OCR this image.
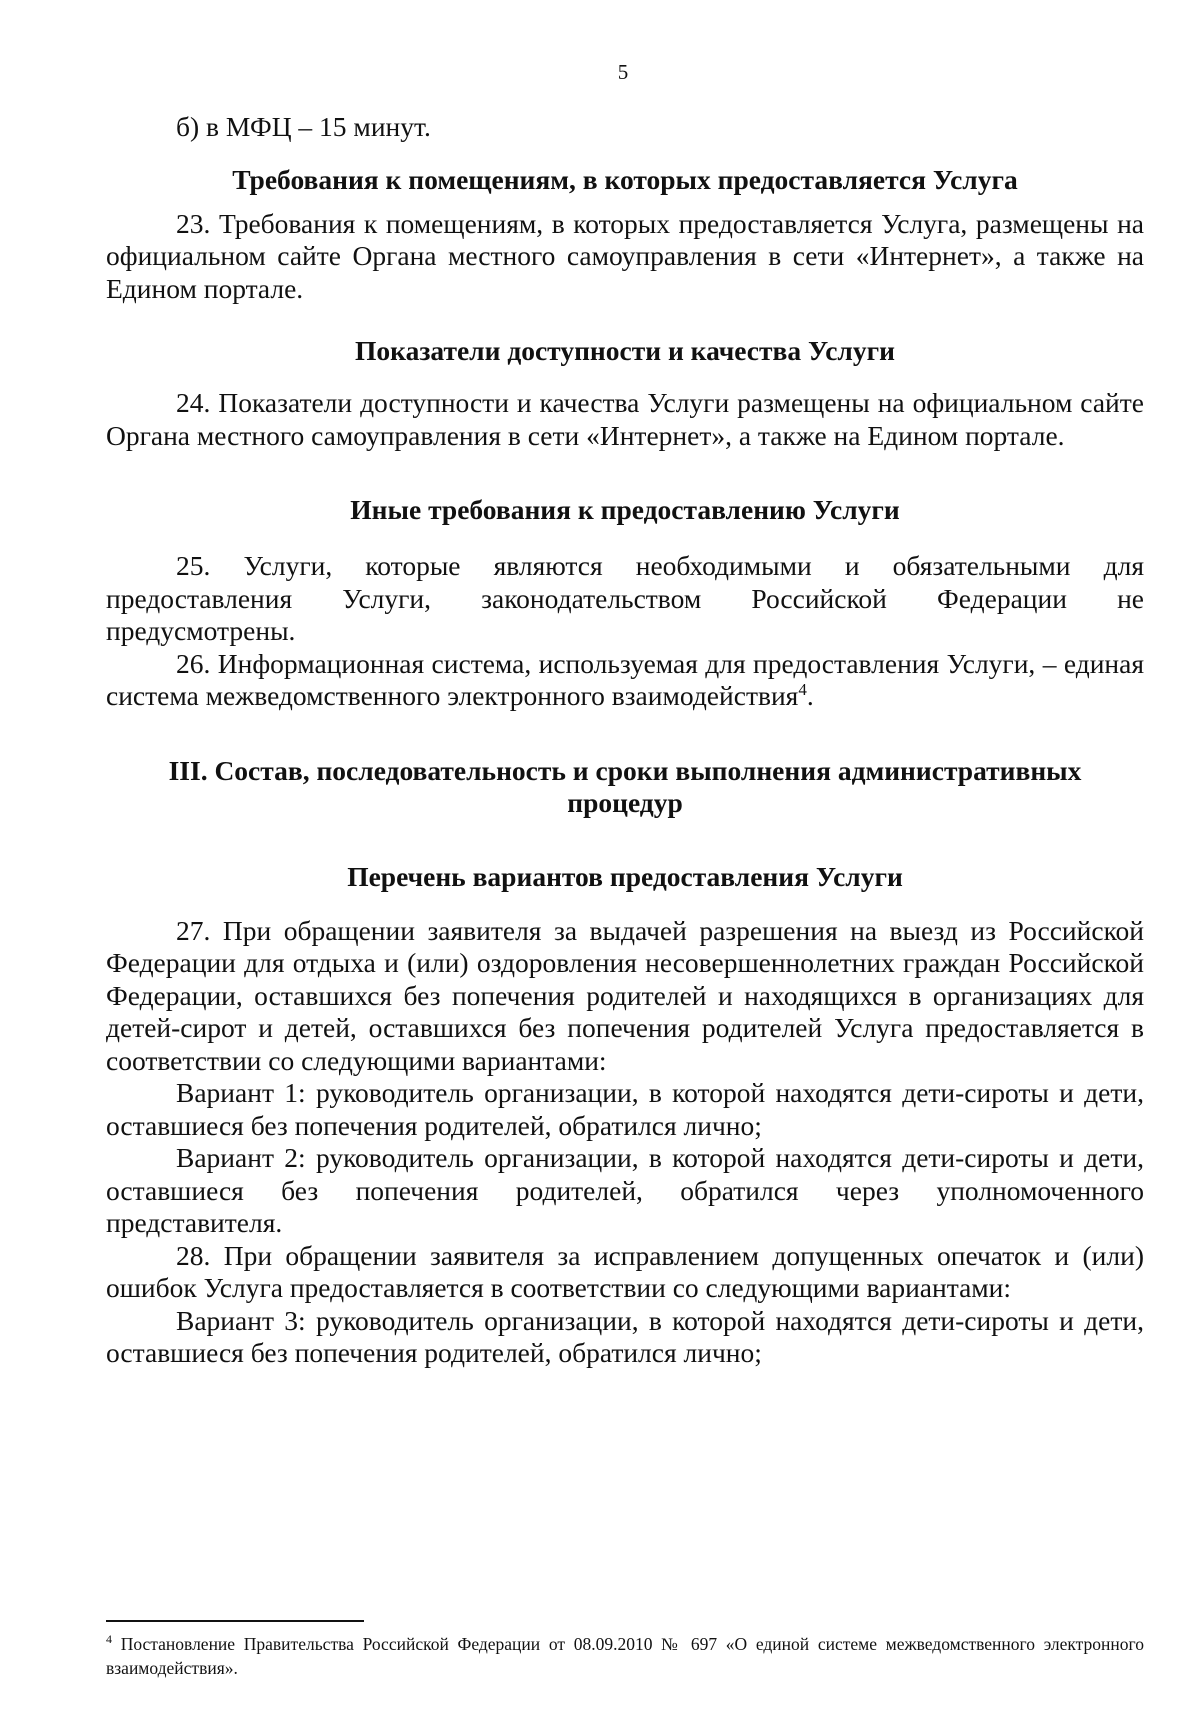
5

б) в МФЦ – 15 минут.

Требования к помещениям, в которых предоставляется Услуга

23. Требования к помещениям, в которых предоставляется Услуга, размещены на официальном сайте Органа местного самоуправления в сети «Интернет», а также на Едином портале.

Показатели доступности и качества Услуги

24. Показатели доступности и качества Услуги размещены на официальном сайте Органа местного самоуправления в сети «Интернет», а также на Едином портале.

Иные требования к предоставлению Услуги

25. Услуги, которые являются необходимыми и обязательными для

предоставления Услуги, законодательством Российской Федерации не

предусмотрены.

26. Информационная система, используемая для предоставления Услуги, – единая система межведомственного электронного взаимодействия$^4$.

III. Состав, последовательность и сроки выполнения административных
процедур
Перечень вариантов предоставления Услуги

27. При обращении заявителя за выдачей разрешения на выезд из Российской Федерации для отдыха и (или) оздоровления несовершеннолетних граждан Российской Федерации, оставшихся без попечения родителей и находящихся в организациях для детей-сирот и детей, оставшихся без попечения родителей Услуга предоставляется в соответствии со следующими вариантами:

Вариант 1: руководитель организации, в которой находятся дети-сироты и дети, оставшиеся без попечения родителей, обратился лично;

Вариант 2: руководитель организации, в которой находятся дети-сироты и дети, оставшиеся без попечения родителей, обратился через уполномоченного представителя.

28. При обращении заявителя за исправлением допущенных опечаток и (или) ошибок Услуга предоставляется в соответствии со следующими вариантами:

Вариант 3: руководитель организации, в которой находятся дети-сироты и дети, оставшиеся без попечения родителей, обратился лично;

$^4$ Постановление Правительства Российской Федерации от 08.09.2010 № 697 «О единой системе межведомственного электронного взаимодействия».
